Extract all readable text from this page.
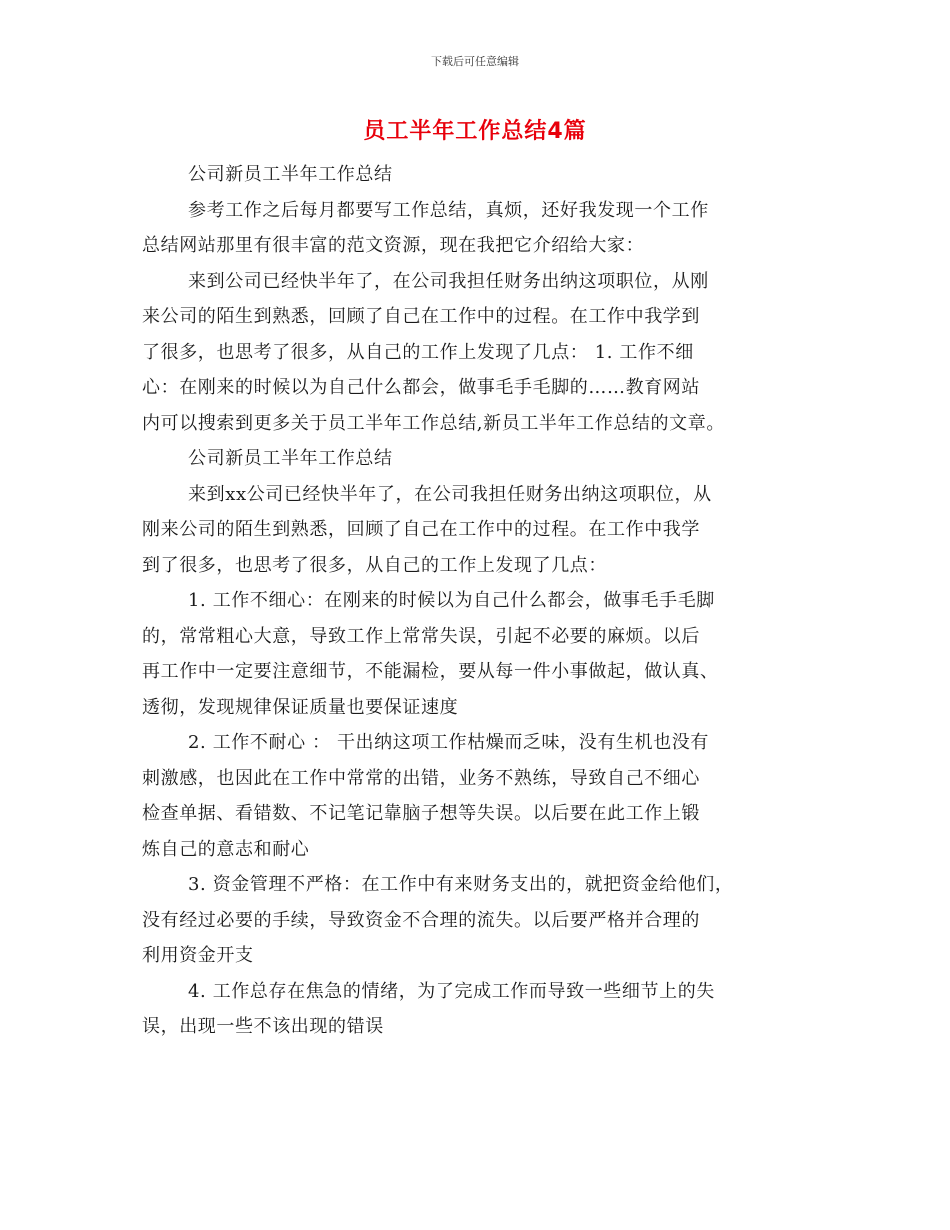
下载后可任意编辑
员工半年工作总结4篇
公司新员工半年工作总结
参考工作之后每月都要写工作总结，真烦，还好我发现一个工作
总结网站那里有很丰富的范文资源，现在我把它介绍给大家：
来到公司已经快半年了，在公司我担任财务出纳这项职位，从刚
来公司的陌生到熟悉，回顾了自己在工作中的过程。在工作中我学到
了很多，也思考了很多，从自己的工作上发现了几点： 1. 工作不细
心：在刚来的时候以为自己什么都会，做事毛手毛脚的……教育网站
内可以搜索到更多关于员工半年工作总结,新员工半年工作总结的文章。
公司新员工半年工作总结
来到xx公司已经快半年了，在公司我担任财务出纳这项职位，从
刚来公司的陌生到熟悉，回顾了自己在工作中的过程。在工作中我学
到了很多，也思考了很多，从自己的工作上发现了几点：
1. 工作不细心：在刚来的时候以为自己什么都会，做事毛手毛脚
的，常常粗心大意，导致工作上常常失误，引起不必要的麻烦。以后
再工作中一定要注意细节，不能漏检，要从每一件小事做起，做认真、
透彻，发现规律保证质量也要保证速度
2. 工作不耐心 ： 干出纳这项工作枯燥而乏味，没有生机也没有
刺激感，也因此在工作中常常的出错，业务不熟练，导致自己不细心
检查单据、看错数、不记笔记靠脑子想等失误。以后要在此工作上锻
炼自己的意志和耐心
3. 资金管理不严格：在工作中有来财务支出的，就把资金给他们，
没有经过必要的手续，导致资金不合理的流失。以后要严格并合理的
利用资金开支
4. 工作总存在焦急的情绪，为了完成工作而导致一些细节上的失
误，出现一些不该出现的错误
